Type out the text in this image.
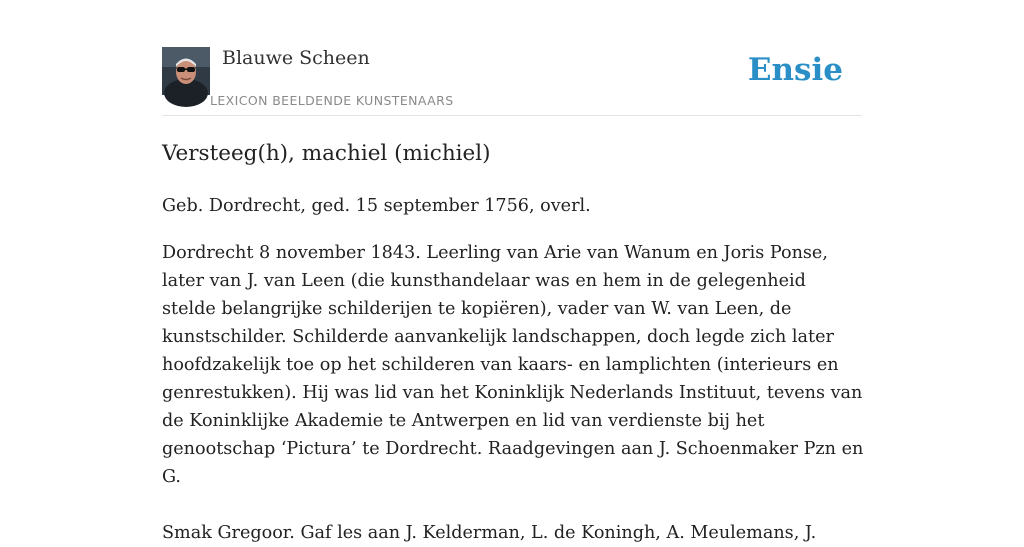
Blauwe Scheen
LEXICON BEELDENDE KUNSTENAARS
Ensie
Versteeg(h), machiel (michiel)

Geb. Dordrecht, ged. 15 september 1756, overl.

Dordrecht 8 november 1843. Leerling van Arie van Wanum en Joris Ponse, later van J. van Leen (die kunsthandelaar was en hem in de gelegenheid stelde belangrijke schilderijen te kopiëren), vader van W. van Leen, de kunstschilder. Schilderde aanvankelijk landschappen, doch legde zich later hoofdzakelijk toe op het schilderen van kaars- en lamplichten (interieurs en genrestukken). Hij was lid van het Koninklijk Nederlands Instituut, tevens van de Koninklijke Akademie te Antwerpen en lid van verdienste bij het genootschap ‘Pictura’ te Dordrecht. Raadgevingen aan J. Schoenmaker Pzn en G.

Smak Gregoor. Gaf les aan J. Kelderman, L. de Koningh, A. Meulemans, J.
